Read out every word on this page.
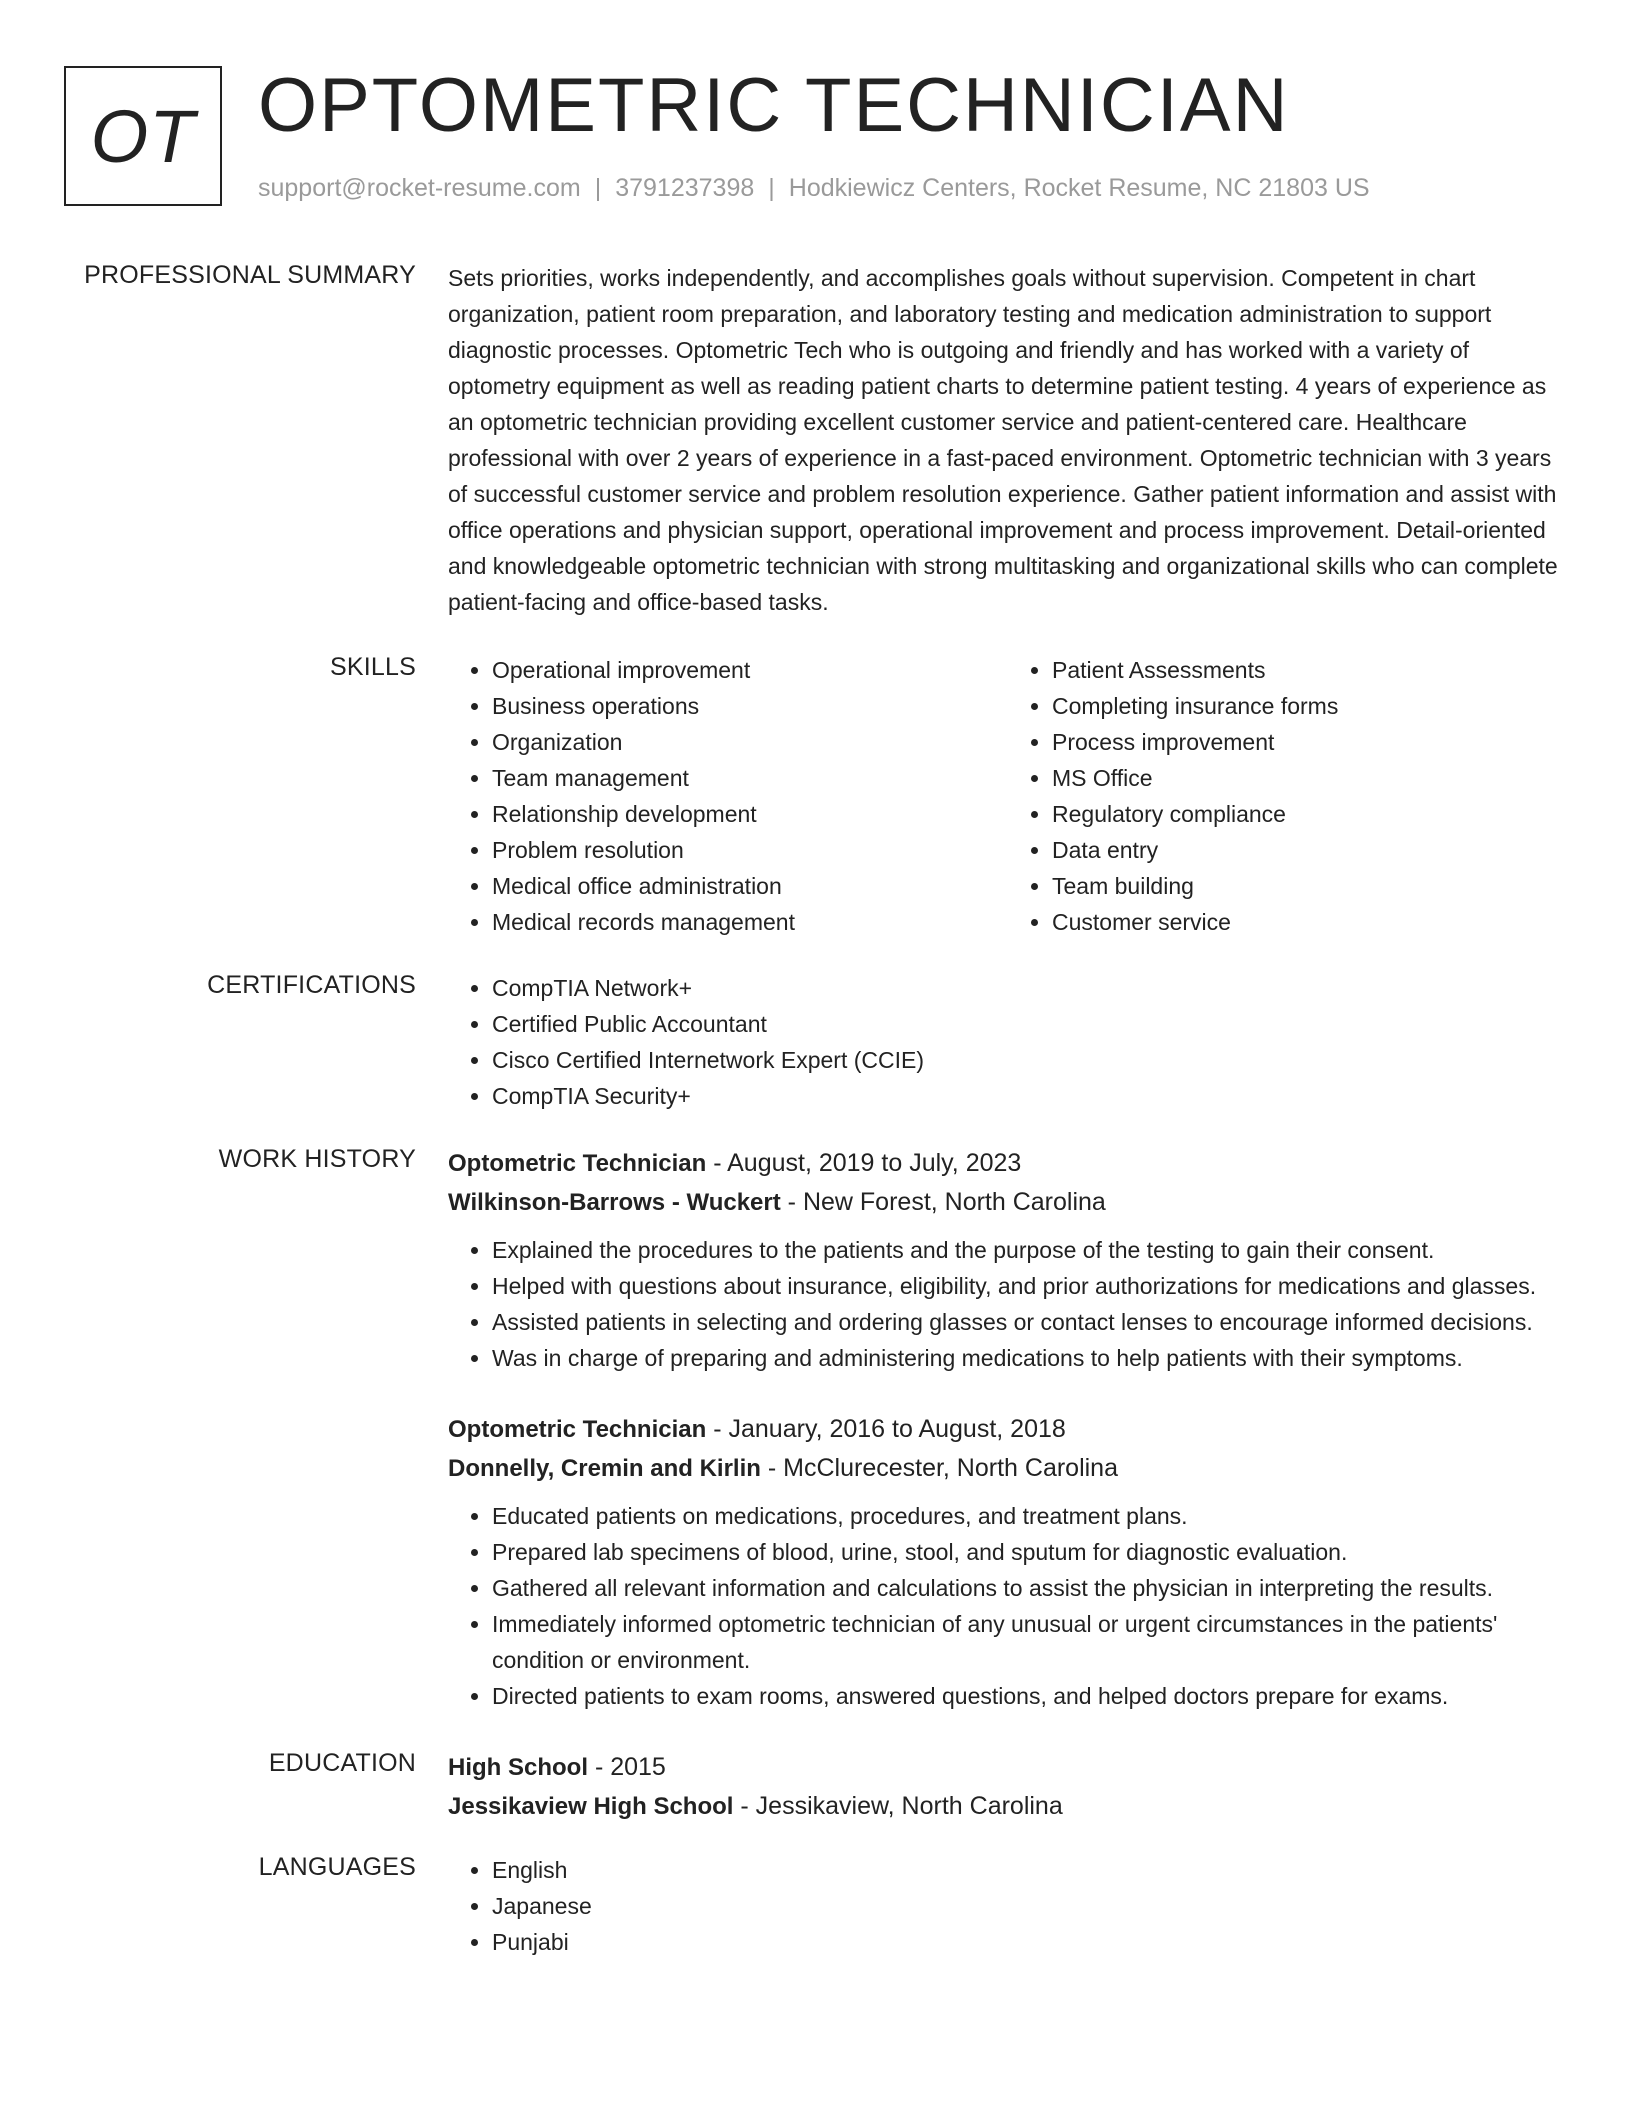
OT OPTOMETRIC TECHNICIAN
support@rocket-resume.com | 3791237398 | Hodkiewicz Centers, Rocket Resume, NC 21803 US
PROFESSIONAL SUMMARY Sets priorities, works independently, and accomplishes goals without supervision. Competent in chart organization, patient room preparation, and laboratory testing and medication administration to support diagnostic processes. Optometric Tech who is outgoing and friendly and has worked with a variety of optometry equipment as well as reading patient charts to determine patient testing. 4 years of experience as an optometric technician providing excellent customer service and patient-centered care. Healthcare professional with over 2 years of experience in a fast-paced environment. Optometric technician with 3 years of successful customer service and problem resolution experience. Gather patient information and assist with office operations and physician support, operational improvement and process improvement. Detail-oriented and knowledgeable optometric technician with strong multitasking and organizational skills who can complete patient-facing and office-based tasks.

SKILLS	• Operational improvement
• Business operations
• Organization
• Team management
• Relationship development
• Problem resolution
• Medical office administration
• Medical records management
• Patient Assessments
• Completing insurance forms
• Process improvement
• MS Office
• Regulatory compliance
• Data entry
• Team building
• Customer service
CERTIFICATIONS	• CompTIA Network+
• Certified Public Accountant
• Cisco Certified Internetwork Expert (CCIE)
• CompTIA Security+
WORK HISTORY Optometric Technician - August, 2019 to July, 2023
Wilkinson-Barrows - Wuckert - New Forest, North Carolina
• Explained the procedures to the patients and the purpose of the testing to gain their consent.
• Helped with questions about insurance, eligibility, and prior authorizations for medications and glasses.
• Assisted patients in selecting and ordering glasses or contact lenses to encourage informed decisions.
• Was in charge of preparing and administering medications to help patients with their symptoms.
Optometric Technician - January, 2016 to August, 2018
Donnelly, Cremin and Kirlin - McClurecester, North Carolina
• Educated patients on medications, procedures, and treatment plans.
• Prepared lab specimens of blood, urine, stool, and sputum for diagnostic evaluation.
• Gathered all relevant information and calculations to assist the physician in interpreting the results.
• Immediately informed optometric technician of any unusual or urgent circumstances in the patients' condition or environment.
• Directed patients to exam rooms, answered questions, and helped doctors prepare for exams.
EDUCATION High School - 2015
Jessikaview High School - Jessikaview, North Carolina
LANGUAGES	• English
• Japanese
• Punjabi
